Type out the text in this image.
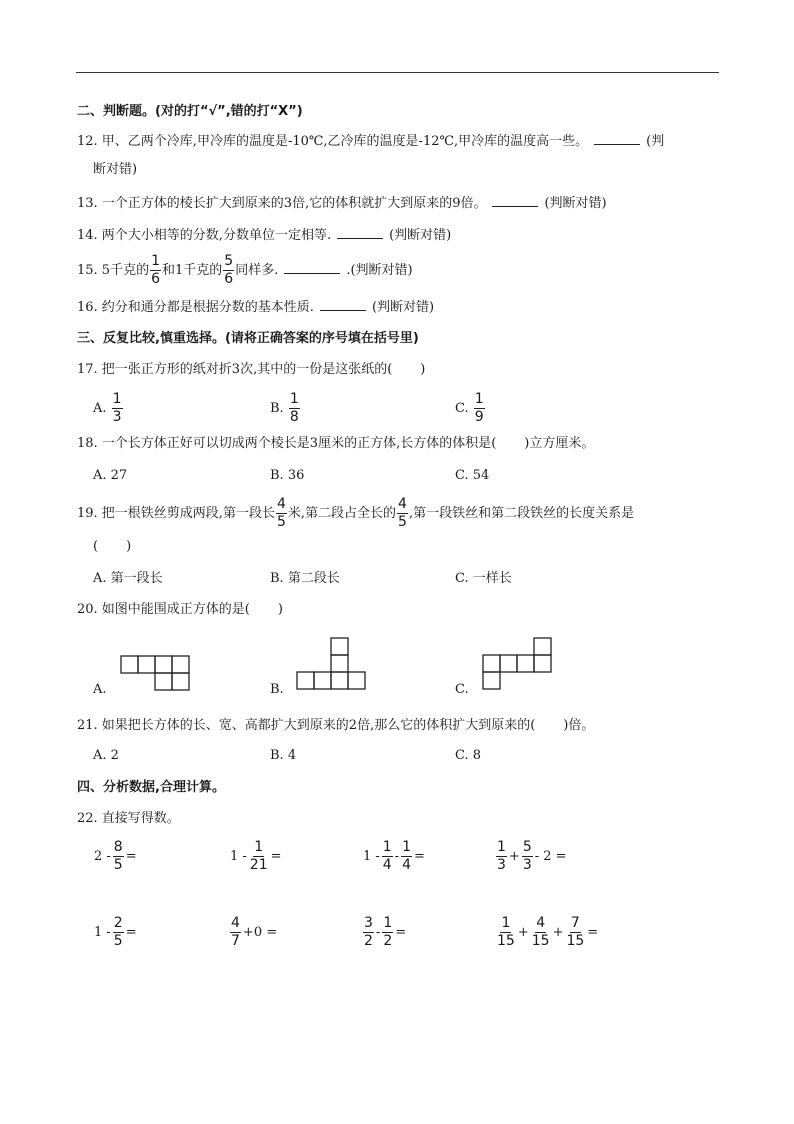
二、判断题。(对的打“√”,错的打“X”)
12. 甲、乙两个冷库,甲冷库的温度是-10℃,乙冷库的温度是-12℃,甲冷库的温度高一些。	(判
断对错)
13. 一个正方体的棱长扩大到原来的3倍,它的体积就扩大到原来的9倍。	(判断对错)
14. 两个大小相等的分数,分数单位一定相等.	(判断对错)
15. 5千克的 $\frac{1}{6}$ 和1千克的 $\frac{5}{6}$ 同样多.	.(判断对错)
16. 约分和通分都是根据分数的基本性质.	(判断对错)
三、反复比较,慎重选择。(请将正确答案的序号填在括号里)
17. 把一张正方形的纸对折3次,其中的一份是这张纸的( )
A. $\frac{1}{3}$	B. $\frac{1}{8}$	C. $\frac{1}{9}$
18. 一个长方体正好可以切成两个棱长是3厘米的正方体,长方体的体积是( )立方厘米。
A. 27	B. 36	C. 54
19. 把一根铁丝剪成两段,第一段长 $\frac{4}{5}$ 米,第二段占全长的 $\frac{4}{5}$ ,第一段铁丝和第二段铁丝的长度关系是
( )
A. 第一段长	B. 第二段长	C. 一样长
20. 如图中能围成正方体的是( )
A.	B.	C.
21. 如果把长方体的长、宽、高都扩大到原来的2倍,那么它的体积扩大到原来的( )倍。
A. 2	B. 4	C. 8
四、分析数据,合理计算。
22. 直接写得数。
$2 - \frac{8}{5}$ =	$1 - \frac{1}{21}$ =	$1 - \frac{1}{4} - \frac{1}{4}$ =	$\frac{1}{3} + \frac{5}{3} - 2$ =
$1 - \frac{2}{5}$ =	$\frac{4}{7} +0$ =	$\frac{3}{2} - \frac{1}{2}$ =	$\frac{1}{15} + \frac{4}{15} + \frac{7}{15}$ =
